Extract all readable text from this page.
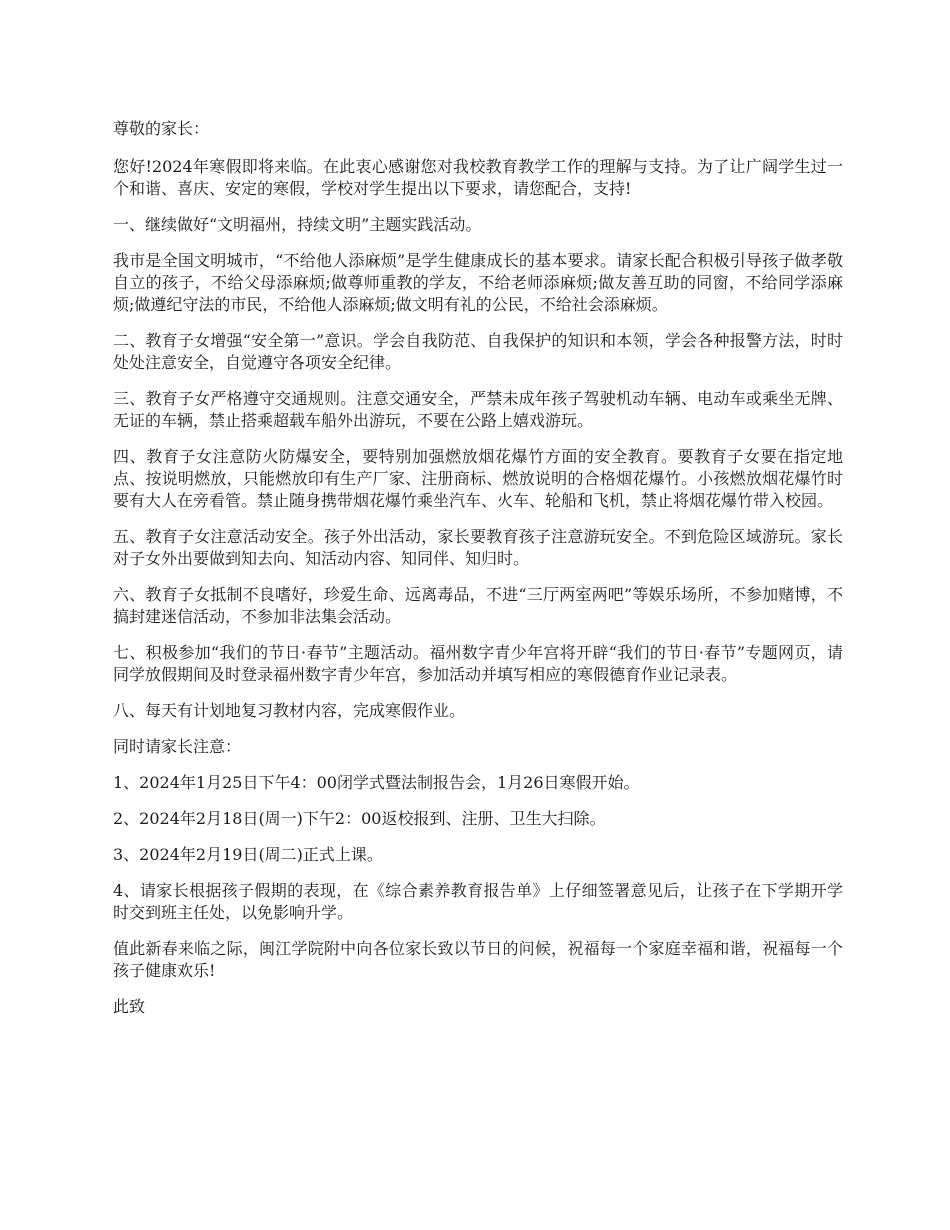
尊敬的家长：

您好!2024年寒假即将来临。在此衷心感谢您对我校教育教学工作的理解与支持。为了让广阔学生过一个和谐、喜庆、安定的寒假，学校对学生提出以下要求，请您配合，支持!

一、继续做好“文明福州，持续文明”主题实践活动。

我市是全国文明城市，“不给他人添麻烦”是学生健康成长的基本要求。请家长配合积极引导孩子做孝敬自立的孩子，不给父母添麻烦;做尊师重教的学友，不给老师添麻烦;做友善互助的同窗，不给同学添麻烦;做遵纪守法的市民，不给他人添麻烦;做文明有礼的公民，不给社会添麻烦。

二、教育子女增强“安全第一”意识。学会自我防范、自我保护的知识和本领，学会各种报警方法，时时处处注意安全，自觉遵守各项安全纪律。

三、教育子女严格遵守交通规则。注意交通安全，严禁未成年孩子驾驶机动车辆、电动车或乘坐无牌、无证的车辆，禁止搭乘超载车船外出游玩，不要在公路上嬉戏游玩。

四、教育子女注意防火防爆安全，要特别加强燃放烟花爆竹方面的安全教育。要教育子女要在指定地点、按说明燃放，只能燃放印有生产厂家、注册商标、燃放说明的合格烟花爆竹。小孩燃放烟花爆竹时要有大人在旁看管。禁止随身携带烟花爆竹乘坐汽车、火车、轮船和飞机，禁止将烟花爆竹带入校园。

五、教育子女注意活动安全。孩子外出活动，家长要教育孩子注意游玩安全。不到危险区域游玩。家长对子女外出要做到知去向、知活动内容、知同伴、知归时。

六、教育子女抵制不良嗜好，珍爱生命、远离毒品，不进“三厅两室两吧”等娱乐场所，不参加赌博，不搞封建迷信活动，不参加非法集会活动。

七、积极参加“我们的节日·春节”主题活动。福州数字青少年宫将开辟“我们的节日·春节”专题网页，请同学放假期间及时登录福州数字青少年宫，参加活动并填写相应的寒假德育作业记录表。

八、每天有计划地复习教材内容，完成寒假作业。

同时请家长注意：

1、2024年1月25日下午4：00闭学式暨法制报告会，1月26日寒假开始。

2、2024年2月18日(周一)下午2：00返校报到、注册、卫生大扫除。

3、2024年2月19日(周二)正式上课。

4、请家长根据孩子假期的表现，在《综合素养教育报告单》上仔细签署意见后，让孩子在下学期开学时交到班主任处，以免影响升学。

值此新春来临之际，闽江学院附中向各位家长致以节日的问候，祝福每一个家庭幸福和谐，祝福每一个孩子健康欢乐!

此致
